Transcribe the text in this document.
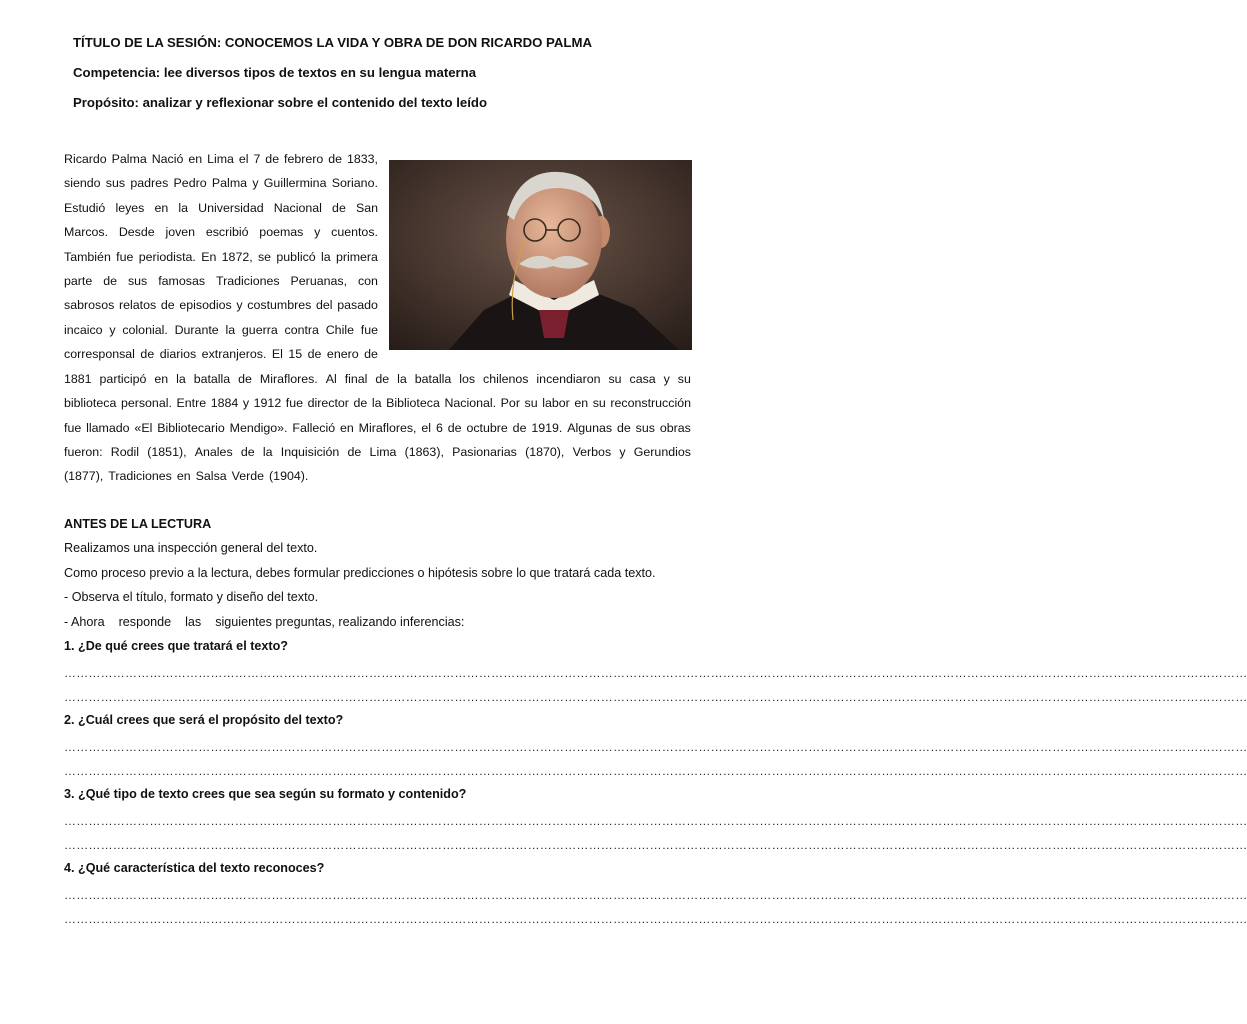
TÍTULO DE LA SESIÓN: CONOCEMOS LA VIDA Y OBRA DE DON RICARDO PALMA
Competencia: lee diversos tipos de textos en su lengua materna
Propósito: analizar y reflexionar sobre el contenido del texto leído
Ricardo Palma Nació en Lima el 7 de febrero de 1833,
siendo sus padres Pedro Palma y Guillermina Soriano.
Estudió leyes en la Universidad Nacional de San
Marcos. Desde joven escribió poemas y cuentos.
También fue periodista. En 1872, se publicó la primera
parte de sus famosas Tradiciones Peruanas, con
sabrosos relatos de episodios y costumbres del pasado
incaico y colonial. Durante la guerra contra Chile fue
corresponsal de diarios extranjeros. El 15 de enero de
1881 participó en la batalla de Miraflores. Al final de la batalla los chilenos incendiaron su casa y su
biblioteca personal. Entre 1884 y 1912 fue director de la Biblioteca Nacional. Por su labor en su reconstrucción
fue llamado «El Bibliotecario Mendigo». Falleció en Miraflores, el 6 de octubre de 1919. Algunas de sus obras
fueron: Rodil (1851), Anales de la Inquisición de Lima (1863), Pasionarias (1870), Verbos y Gerundios
(1877), Tradiciones en Salsa Verde (1904).
ANTES DE LA LECTURA
Realizamos una inspección general del texto.
Como proceso previo a la lectura, debes formular predicciones o hipótesis sobre lo que tratará cada texto.
- Observa el título, formato y diseño del texto.
- Ahora    responde    las    siguientes preguntas, realizando inferencias:
1. ¿De qué crees que tratará el texto?
…………………………………………………………………………………………………………………………………………………………………………………………………………………………………………………………………
…………………………………………………………………………………………………………………………………………………………………………………………………………………………………………………………………
2. ¿Cuál crees que será el propósito del texto?
…………………………………………………………………………………………………………………………………………………………………………………………………………………………………………………………………
…………………………………………………………………………………………………………………………………………………………………………………………………………………………………………………………………
3. ¿Qué tipo de texto crees que sea según su formato y contenido?
…………………………………………………………………………………………………………………………………………………………………………………………………………………………………………………………………
…………………………………………………………………………………………………………………………………………………………………………………………………………………………………………………………………
4. ¿Qué característica del texto reconoces?
…………………………………………………………………………………………………………………………………………………………………………………………………………………………………………………………………
…………………………………………………………………………………………………………………………………………………………………………………………………………………………………………………………………
